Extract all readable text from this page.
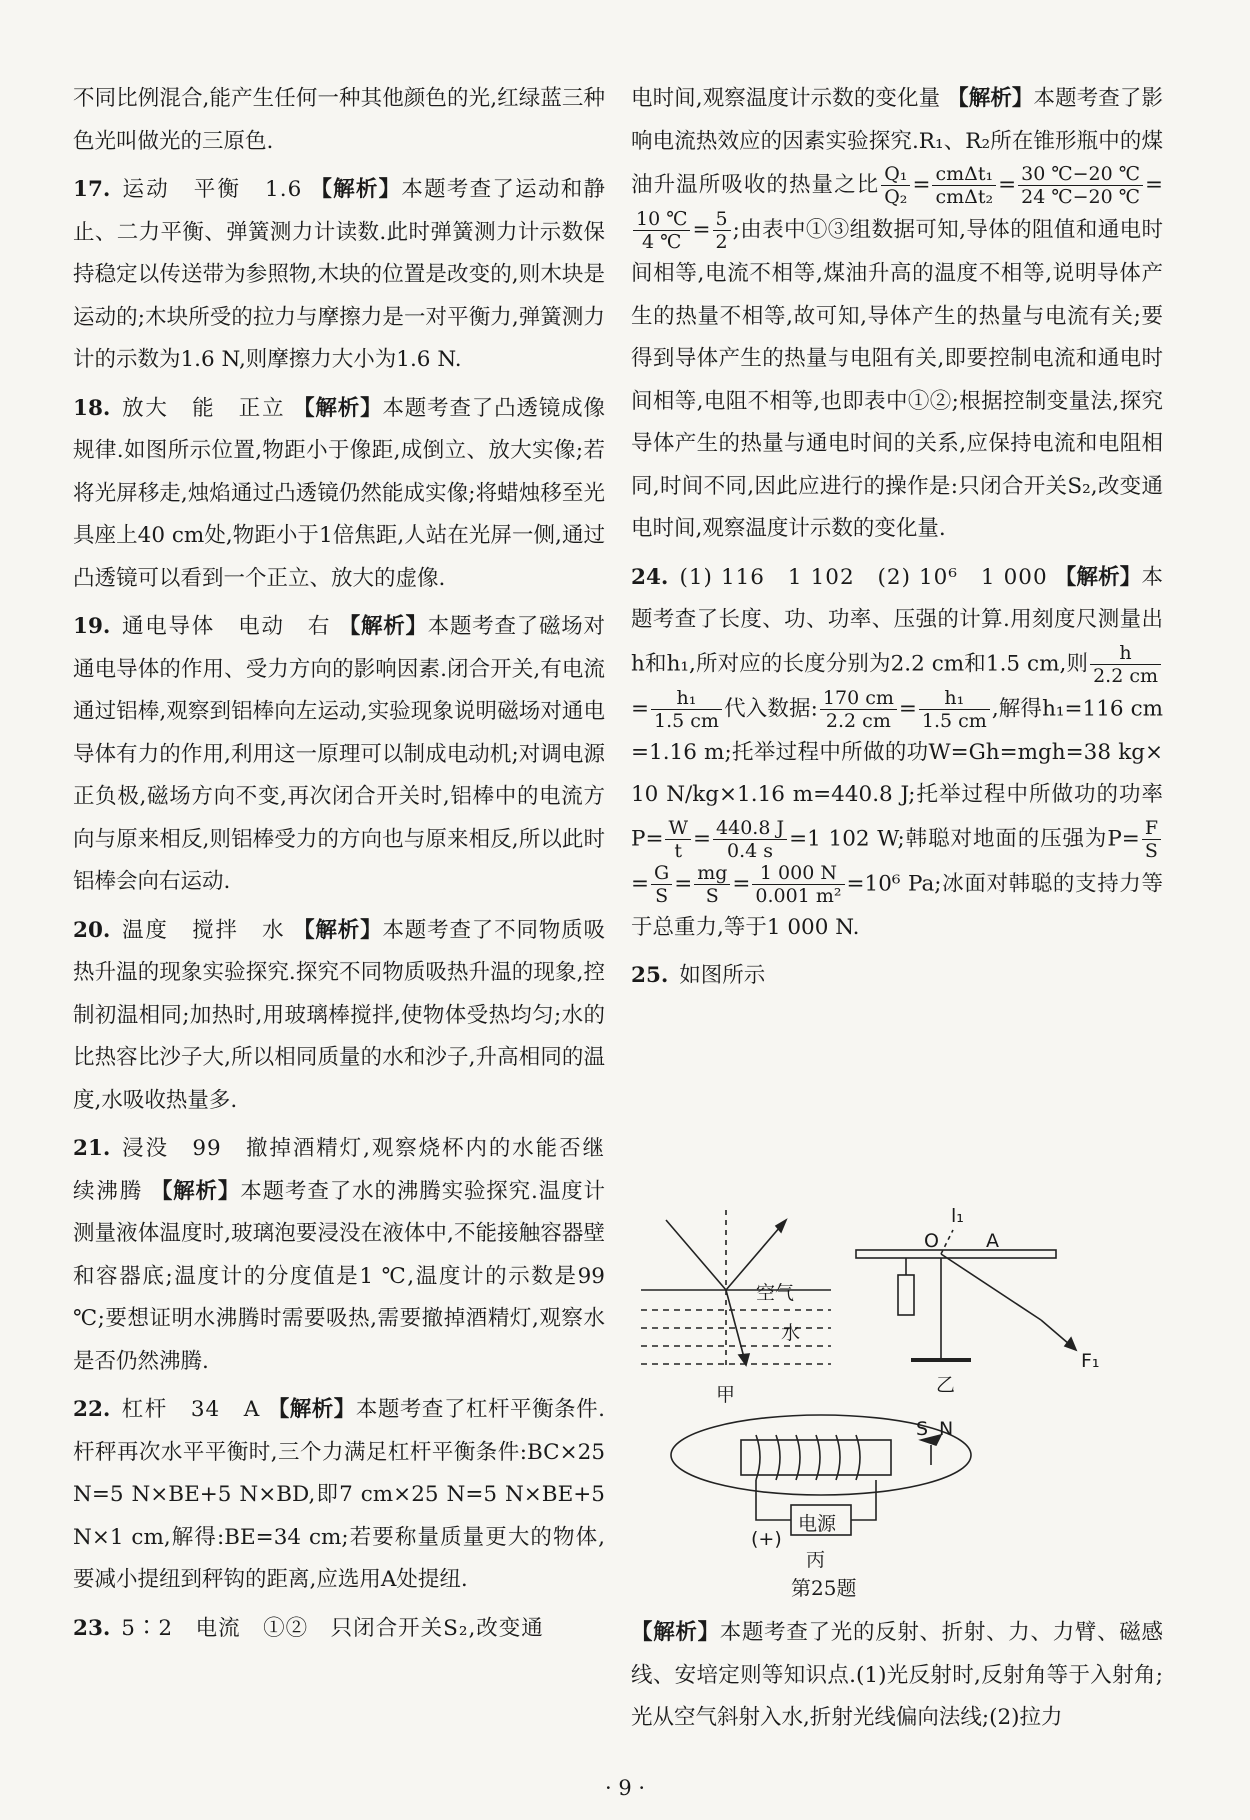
不同比例混合,能产生任何一种其他颜色的光,红绿蓝三种色光叫做光的三原色.

17. 运动　平衡　1.6 【解析】本题考查了运动和静止、二力平衡、弹簧测力计读数.此时弹簧测力计示数保持稳定以传送带为参照物,木块的位置是改变的,则木块是运动的;木块所受的拉力与摩擦力是一对平衡力,弹簧测力计的示数为1.6 N,则摩擦力大小为1.6 N.

18. 放大　能　正立 【解析】本题考查了凸透镜成像规律.如图所示位置,物距小于像距,成倒立、放大实像;若将光屏移走,烛焰通过凸透镜仍然能成实像;将蜡烛移至光具座上40 cm处,物距小于1倍焦距,人站在光屏一侧,通过凸透镜可以看到一个正立、放大的虚像.

19. 通电导体　电动　右 【解析】本题考查了磁场对通电导体的作用、受力方向的影响因素.闭合开关,有电流通过铝棒,观察到铝棒向左运动,实验现象说明磁场对通电导体有力的作用,利用这一原理可以制成电动机;对调电源正负极,磁场方向不变,再次闭合开关时,铝棒中的电流方向与原来相反,则铝棒受力的方向也与原来相反,所以此时铝棒会向右运动.

20. 温度　搅拌　水 【解析】本题考查了不同物质吸热升温的现象实验探究.探究不同物质吸热升温的现象,控制初温相同;加热时,用玻璃棒搅拌,使物体受热均匀;水的比热容比沙子大,所以相同质量的水和沙子,升高相同的温度,水吸收热量多.

21. 浸没　99　撤掉酒精灯,观察烧杯内的水能否继续沸腾 【解析】本题考查了水的沸腾实验探究.温度计测量液体温度时,玻璃泡要浸没在液体中,不能接触容器壁和容器底;温度计的分度值是1 ℃,温度计的示数是99 ℃;要想证明水沸腾时需要吸热,需要撤掉酒精灯,观察水是否仍然沸腾.

22. 杠杆　34　A 【解析】本题考查了杠杆平衡条件.杆秤再次水平平衡时,三个力满足杠杆平衡条件:BC×25 N=5 N×BE+5 N×BD,即7 cm×25 N=5 N×BE+5 N×1 cm,解得:BE=34 cm;若要称量质量更大的物体,要减小提纽到秤钩的距离,应选用A处提纽.

23. 5∶2　电流　①②　只闭合开关S₂,改变通

电时间,观察温度计示数的变化量 【解析】本题考查了影响电流热效应的因素实验探究.R₁、R₂所在锥形瓶中的煤油升温所吸收的热量之比 $\frac{\text{Q₁}}{\text{Q₂}} = \frac{\text{cmΔt₁}}{\text{cmΔt₂}} = \frac{30 ℃-20 ℃}{24 ℃-20 ℃}$ =
$\frac{10 ℃}{4 ℃} = \frac{5}{2}$ ;由表中①③组数据可知,导体的阻值和通电时间相等,电流不相等,煤油升高的温度不相等,说明导体产生的热量不相等,故可知,导体产生的热量与电流有关;要得到导体产生的热量与电阻有关,即要控制电流和通电时间相等,电阻不相等,也即表中①②;根据控制变量法,探究导体产生的热量与通电时间的关系,应保持电流和电阻相同,时间不同,因此应进行的操作是:只闭合开关S₂,改变通电时间,观察温度计示数的变化量.

24. (1) 116　1 102　(2) 10⁶　1 000 【解析】本题考查了长度、功、功率、压强的计算.用刻度尺测量出h和h₁,所对应的长度分别为2.2 cm和1.5 cm,则 $\frac{h}{2.2 cm}$
= $\frac{\text{h₁}}{1.5 cm}$ 代入数据: $\frac{170 cm}{2.2 cm} = \frac{\text{h₁}}{1.5 cm}$ ,解得h₁=116 cm=1.16 m;托举过程中所做的功W=Gh=mgh=38 kg×10 N/kg×1.16 m=440.8 J;托举过程中所做功的功率$P= \frac{W}{t} = \frac{440.8 J}{0.4 s} =1$ 102 W;韩聪对地面的压强为$P= \frac{F}{S}$
= $\frac{G}{S} = \frac{mg}{S} = \frac{1 000 N}{\text{0.001 m²}} =10^6$ Pa;冰面对韩聪的支持力等于总重力,等于1 000 N.

25. 如图所示

空气
水
甲
O A
l₁
F₁
乙
S N
电源
(+)
丙
第25题

【解析】本题考查了光的反射、折射、力、力臂、磁感线、安培定则等知识点.(1)光反射时,反射角等于入射角;光从空气斜射入水,折射光线偏向法线;(2)拉力

· 9 ·
